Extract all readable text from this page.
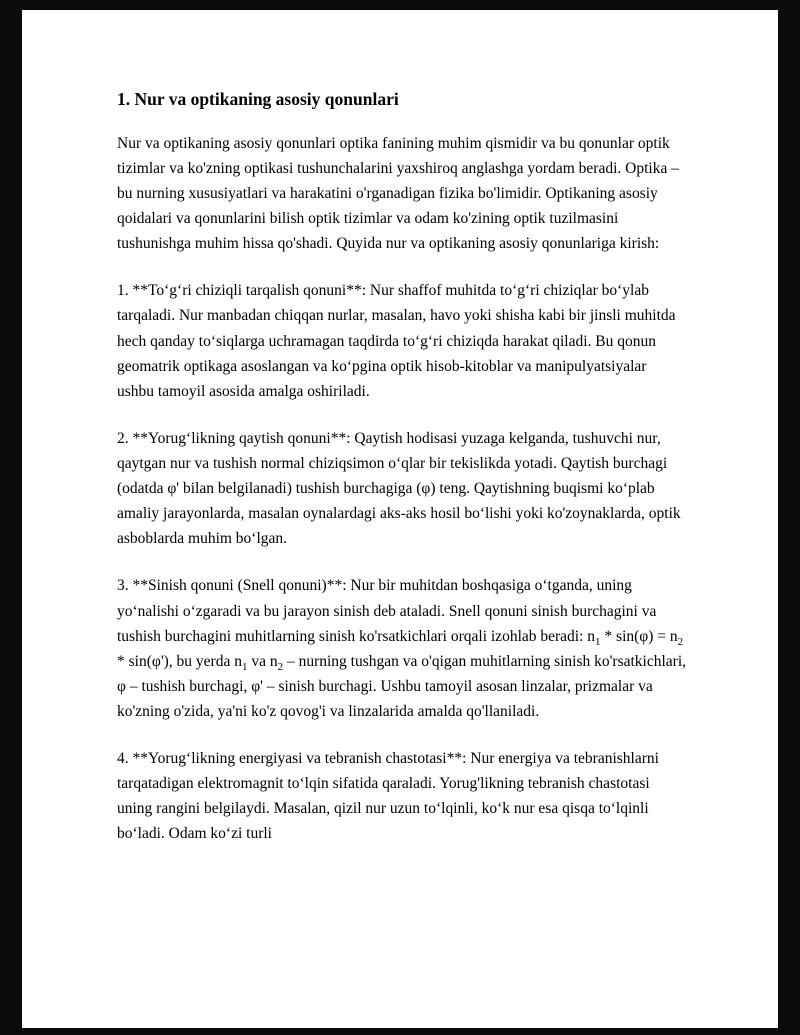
1. Nur va optikaning asosiy qonunlari

Nur va optikaning asosiy qonunlari optika fanining muhim qismidir va bu qonunlar optik tizimlar va ko'zning optikasi tushunchalarini yaxshiroq anglashga yordam beradi. Optika – bu nurning xususiyatlari va harakatini o'rganadigan fizika bo'limidir. Optikaning asosiy qoidalari va qonunlarini bilish optik tizimlar va odam ko'zining optik tuzilmasini tushunishga muhim hissa qo'shadi. Quyida nur va optikaning asosiy qonunlariga kirish:

1. **To‘g‘ri chiziqli tarqalish qonuni**: Nur shaffof muhitda to‘g‘ri chiziqlar bo‘ylab tarqaladi. Nur manbadan chiqqan nurlar, masalan, havo yoki shisha kabi bir jinsli muhitda hech qanday to‘siqlarga uchramagan taqdirda to‘g‘ri chiziqda harakat qiladi. Bu qonun geomatrik optikaga asoslangan va ko‘pgina optik hisob-kitoblar va manipulyatsiyalar ushbu tamoyil asosida amalga oshiriladi.

2. **Yorug‘likning qaytish qonuni**: Qaytish hodisasi yuzaga kelganda, tushuvchi nur, qaytgan nur va tushish normal chiziqsimon o‘qlar bir tekislikda yotadi. Qaytish burchagi (odatda φ' bilan belgilanadi) tushish burchagiga (φ) teng. Qaytishning buqismi ko‘plab amaliy jarayonlarda, masalan oynalardagi aks-aks hosil bo‘lishi yoki ko'zoynaklarda, optik asboblarda muhim bo‘lgan.

3. **Sinish qonuni (Snell qonuni)**: Nur bir muhitdan boshqasiga o‘tganda, uning yo‘nalishi o‘zgaradi va bu jarayon sinish deb ataladi. Snell qonuni sinish burchagini va tushish burchagini muhitlarning sinish ko'rsatkichlari orqali izohlab beradi: $n_1 * \sin(\varphi) = n_2 * \sin(\varphi')$, bu yerda $n_1$ va $n_2$ – nurning tushgan va o'qigan muhitlarning sinish ko'rsatkichlari, φ – tushish burchagi, φ' – sinish burchagi. Ushbu tamoyil asosan linzalar, prizmalar va ko'zning o'zida, ya'ni ko'z qovog'i va linzalarida amalda qo'llaniladi.

4. **Yorug‘likning energiyasi va tebranish chastotasi**: Nur energiya va tebranishlarni tarqatadigan elektromagnit to‘lqin sifatida qaraladi. Yorug'likning tebranish chastotasi uning rangini belgilaydi. Masalan, qizil nur uzun to‘lqinli, ko‘k nur esa qisqa to‘lqinli bo‘ladi. Odam ko‘zi turli
